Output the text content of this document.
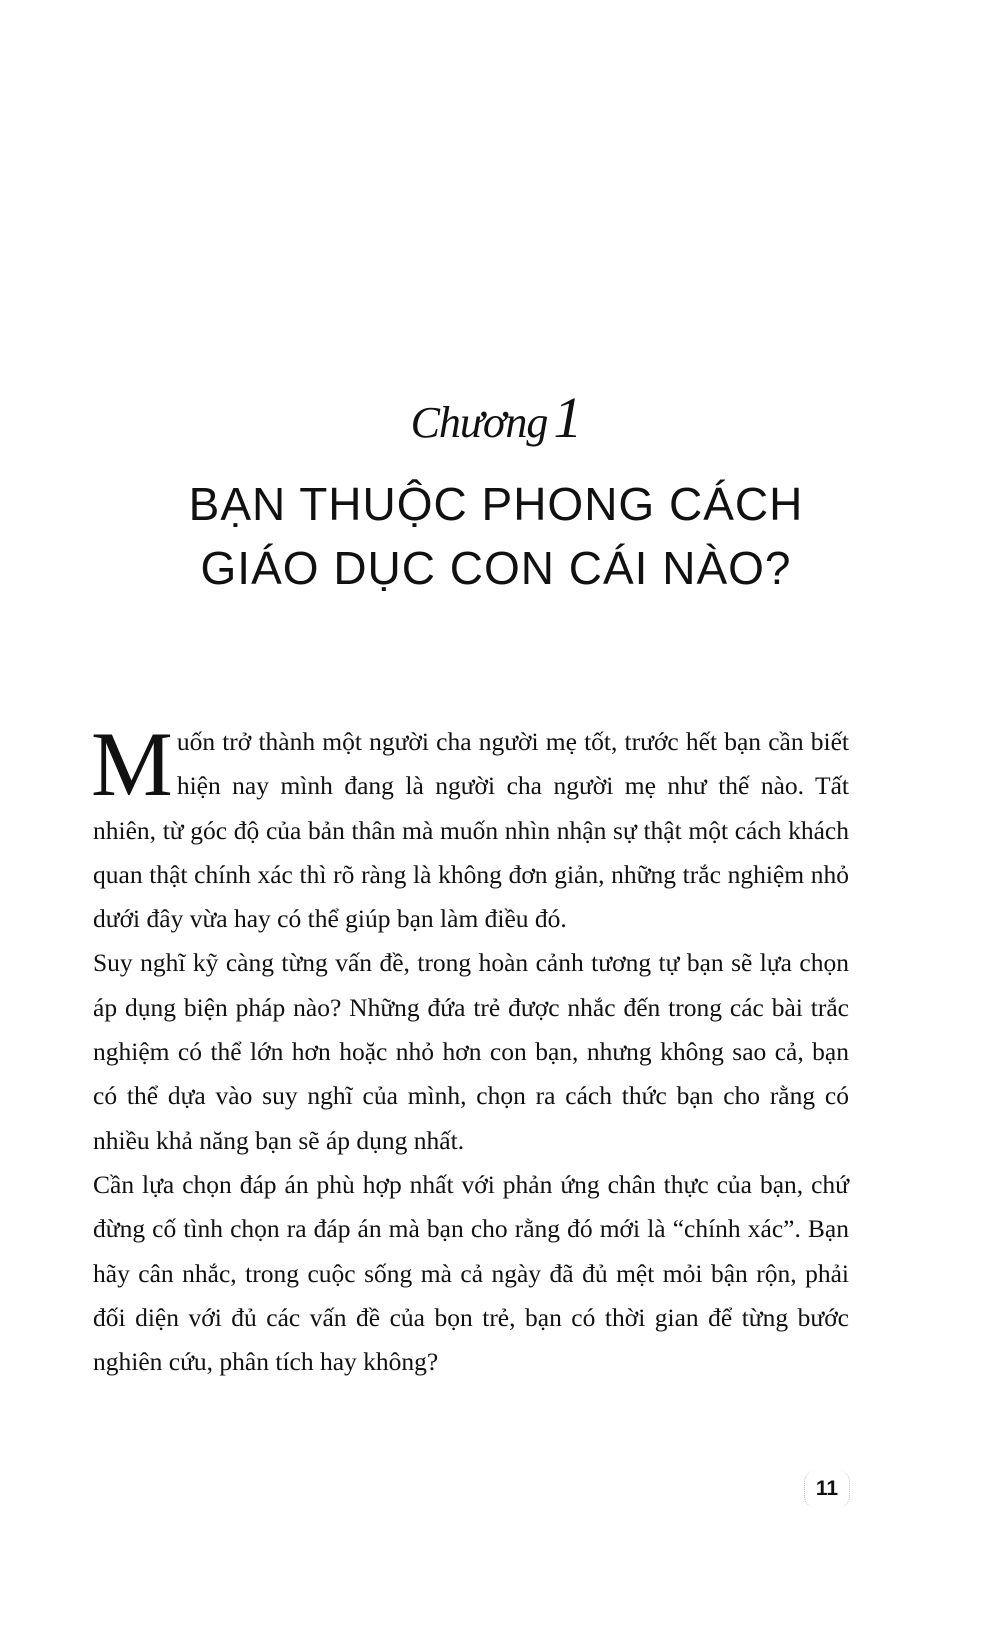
Chương 1
BẠN THUỘC PHONG CÁCH
GIÁO DỤC CON CÁI NÀO?

Muốn trở thành một người cha người mẹ tốt, trước hết bạn cần biết hiện nay mình đang là người cha người mẹ như thế nào. Tất nhiên, từ góc độ của bản thân mà muốn nhìn nhận sự thật một cách khách quan thật chính xác thì rõ ràng là không đơn giản, những trắc nghiệm nhỏ dưới đây vừa hay có thể giúp bạn làm điều đó.

Suy nghĩ kỹ càng từng vấn đề, trong hoàn cảnh tương tự bạn sẽ lựa chọn áp dụng biện pháp nào? Những đứa trẻ được nhắc đến trong các bài trắc nghiệm có thể lớn hơn hoặc nhỏ hơn con bạn, nhưng không sao cả, bạn có thể dựa vào suy nghĩ của mình, chọn ra cách thức bạn cho rằng có nhiều khả năng bạn sẽ áp dụng nhất.

Cần lựa chọn đáp án phù hợp nhất với phản ứng chân thực của bạn, chứ đừng cố tình chọn ra đáp án mà bạn cho rằng đó mới là “chính xác”. Bạn hãy cân nhắc, trong cuộc sống mà cả ngày đã đủ mệt mỏi bận rộn, phải đối diện với đủ các vấn đề của bọn trẻ, bạn có thời gian để từng bước nghiên cứu, phân tích hay không?

11
